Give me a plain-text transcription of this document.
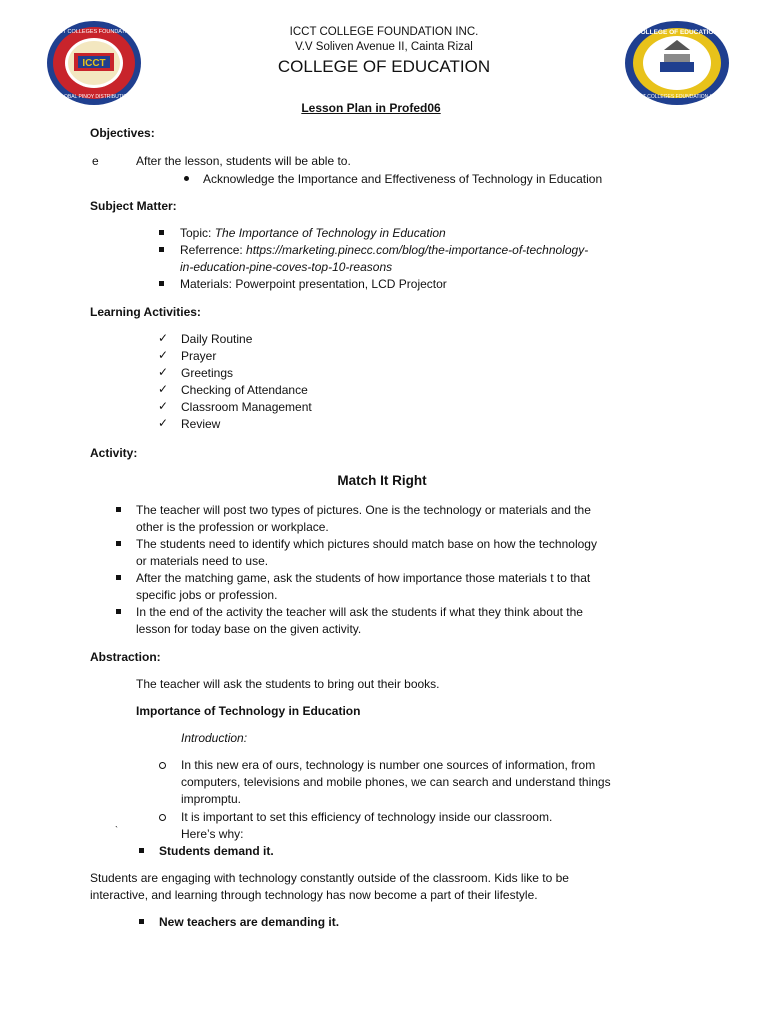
ICCT
ICCT COLLEGES FOUNDATION
GLOBAL PINOY DISTRIBUTION
COLLEGE OF EDUCATION
ICCT COLLEGES FOUNDATION INC.
ICCT COLLEGE FOUNDATION INC.
V.V Soliven Avenue II, Cainta Rizal
COLLEGE OF EDUCATION
Lesson Plan in Profed06
Objectives:
e	After the lesson, students will be able to.
Acknowledge the Importance and Effectiveness of Technology in Education
Subject Matter:
Topic: The Importance of Technology in Education
Referrence: https://marketing.pinecc.com/blog/the-importance-of-technology-
in-education-pine-coves-top-10-reasons
Materials: Powerpoint presentation, LCD Projector
Learning Activities:
✓ Daily Routine
✓ Prayer
✓ Greetings
✓ Checking of Attendance
✓ Classroom Management
✓ Review
Activity:
Match It Right
The teacher will post two types of pictures. One is the technology or materials and the
other is the profession or workplace.
The students need to identify which pictures should match base on how the technology
or materials need to use.
After the matching game, ask the students of how importance those materials t to that
specific jobs or profession.
In the end of the activity the teacher will ask the students if what they think about the
lesson for today base on the given activity.
Abstraction:
The teacher will ask the students to bring out their books.
Importance of Technology in Education
Introduction:
In this new era of ours, technology is number one sources of information, from
computers, televisions and mobile phones, we can search and understand things
impromptu.
It is important to set this efficiency of technology inside our classroom.
Here’s why:
`
Students demand it.
Students are engaging with technology constantly outside of the classroom. Kids like to be
interactive, and learning through technology has now become a part of their lifestyle.
New teachers are demanding it.
